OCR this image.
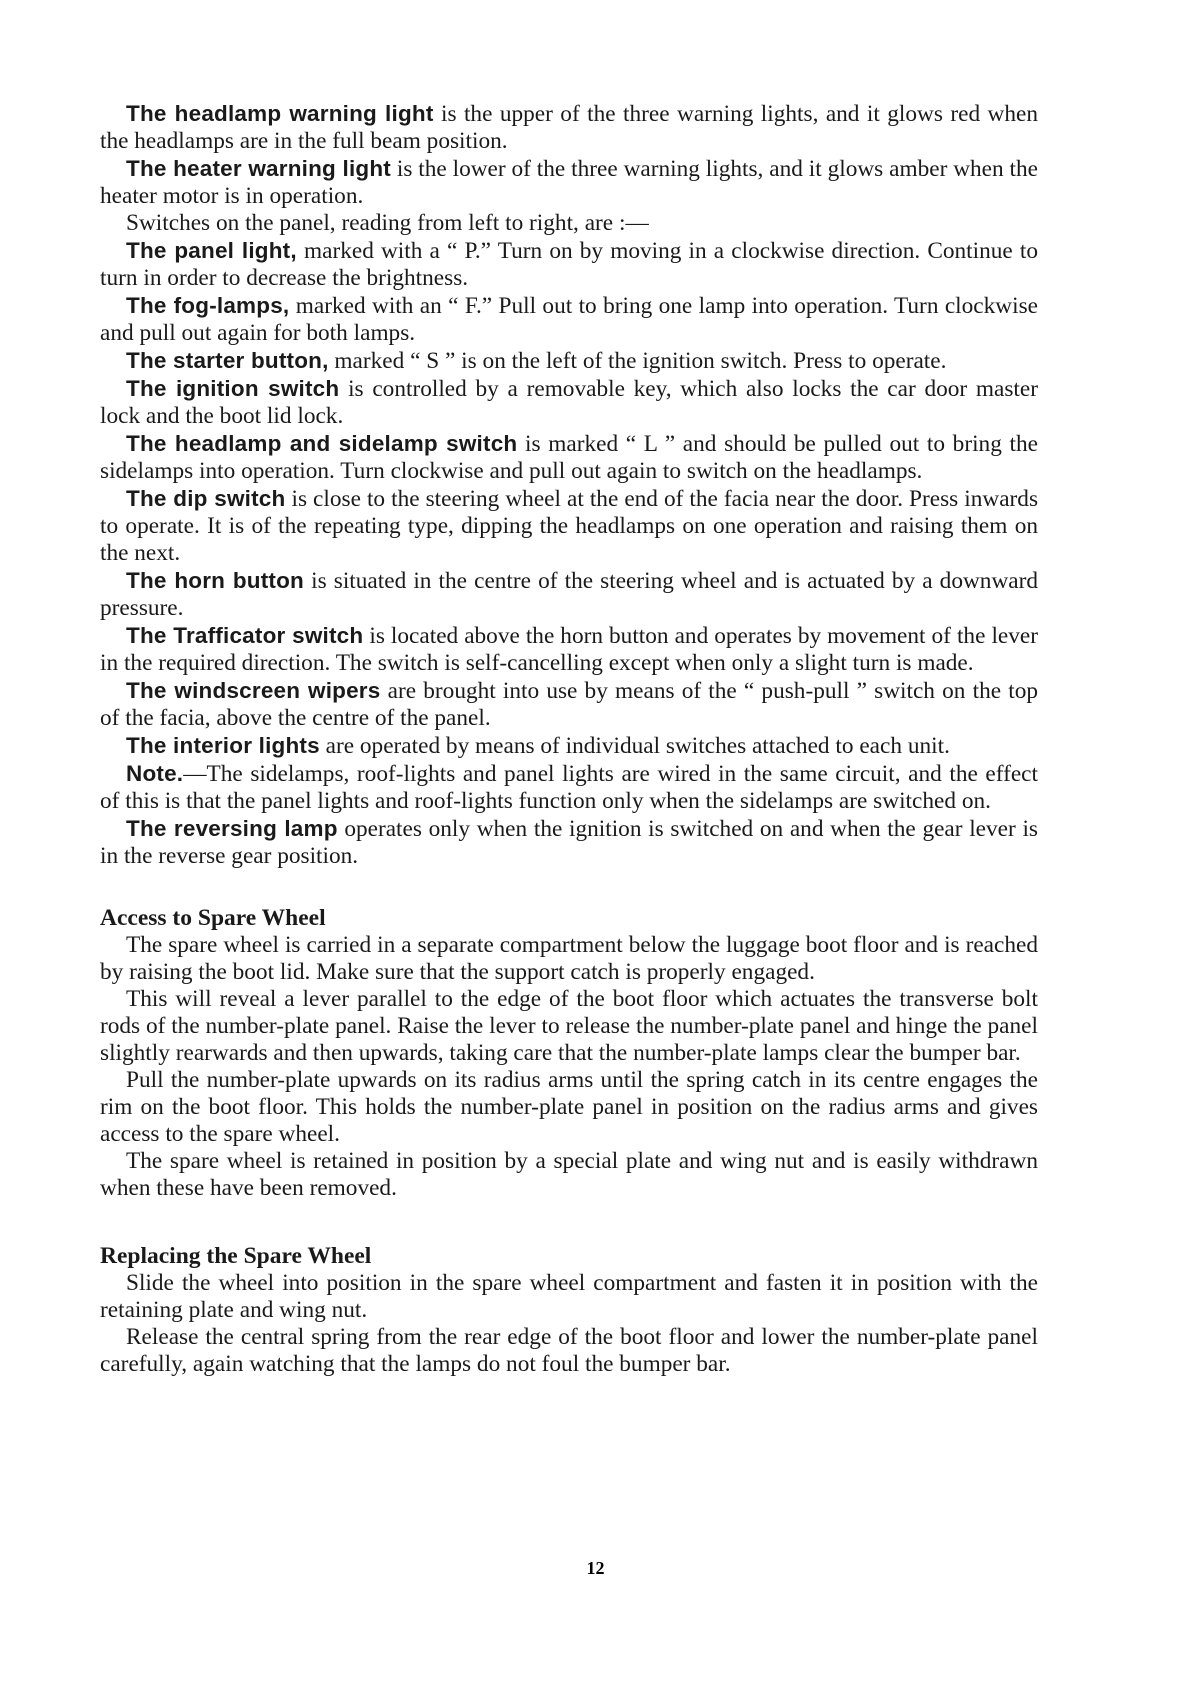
The headlamp warning light is the upper of the three warning lights, and it glows red when the headlamps are in the full beam position.

The heater warning light is the lower of the three warning lights, and it glows amber when the heater motor is in operation.

Switches on the panel, reading from left to right, are :—

The panel light, marked with a “ P.” Turn on by moving in a clockwise direction. Continue to turn in order to decrease the brightness.

The fog-lamps, marked with an “ F.” Pull out to bring one lamp into operation. Turn clockwise and pull out again for both lamps.

The starter button, marked “ S ” is on the left of the ignition switch. Press to operate.

The ignition switch is controlled by a removable key, which also locks the car door master lock and the boot lid lock.

The headlamp and sidelamp switch is marked “ L ” and should be pulled out to bring the sidelamps into operation. Turn clockwise and pull out again to switch on the headlamps.

The dip switch is close to the steering wheel at the end of the facia near the door. Press inwards to operate. It is of the repeating type, dipping the headlamps on one operation and raising them on the next.

The horn button is situated in the centre of the steering wheel and is actuated by a downward pressure.

The Trafficator switch is located above the horn button and operates by movement of the lever in the required direction. The switch is self-cancelling except when only a slight turn is made.

The windscreen wipers are brought into use by means of the “ push-pull ” switch on the top of the facia, above the centre of the panel.

The interior lights are operated by means of individual switches attached to each unit.

Note.—The sidelamps, roof-lights and panel lights are wired in the same circuit, and the effect of this is that the panel lights and roof-lights function only when the sidelamps are switched on.

The reversing lamp operates only when the ignition is switched on and when the gear lever is in the reverse gear position.

Access to Spare Wheel

The spare wheel is carried in a separate compartment below the luggage boot floor and is reached by raising the boot lid. Make sure that the support catch is properly engaged.

This will reveal a lever parallel to the edge of the boot floor which actuates the transverse bolt rods of the number-plate panel. Raise the lever to release the number-plate panel and hinge the panel slightly rearwards and then upwards, taking care that the number-plate lamps clear the bumper bar.

Pull the number-plate upwards on its radius arms until the spring catch in its centre engages the rim on the boot floor. This holds the number-plate panel in position on the radius arms and gives access to the spare wheel.

The spare wheel is retained in position by a special plate and wing nut and is easily withdrawn when these have been removed.

Replacing the Spare Wheel

Slide the wheel into position in the spare wheel compartment and fasten it in position with the retaining plate and wing nut.

Release the central spring from the rear edge of the boot floor and lower the number-plate panel carefully, again watching that the lamps do not foul the bumper bar.

12
